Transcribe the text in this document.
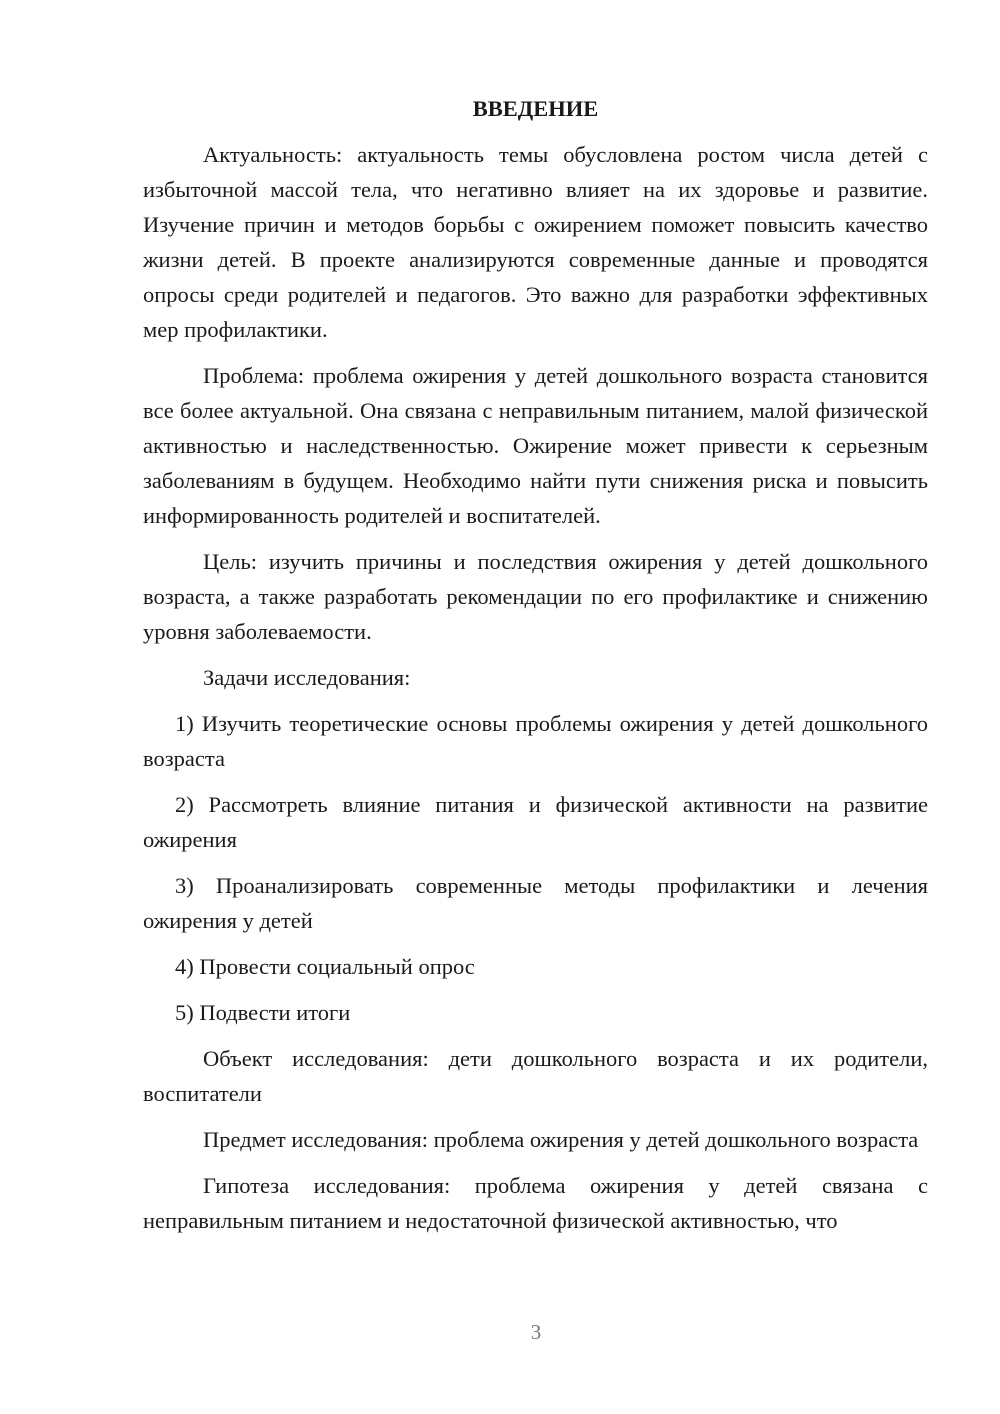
ВВЕДЕНИЕ

Актуальность: актуальность темы обусловлена ростом числа детей с избыточной массой тела, что негативно влияет на их здоровье и развитие. Изучение причин и методов борьбы с ожирением поможет повысить качество жизни детей. В проекте анализируются современные данные и проводятся опросы среди родителей и педагогов. Это важно для разработки эффективных мер профилактики.

Проблема: проблема ожирения у детей дошкольного возраста становится все более актуальной. Она связана с неправильным питанием, малой физической активностью и наследственностью. Ожирение может привести к серьезным заболеваниям в будущем. Необходимо найти пути снижения риска и повысить информированность родителей и воспитателей.

Цель: изучить причины и последствия ожирения у детей дошкольного возраста, а также разработать рекомендации по его профилактике и снижению уровня заболеваемости.

Задачи исследования:

1) Изучить теоретические основы проблемы ожирения у детей дошкольного возраста

2) Рассмотреть влияние питания и физической активности на развитие ожирения

3) Проанализировать современные методы профилактики и лечения ожирения у детей

4) Провести социальный опрос

5) Подвести итоги

Объект исследования: дети дошкольного возраста и их родители, воспитатели

Предмет исследования: проблема ожирения у детей дошкольного возраста

Гипотеза исследования: проблема ожирения у детей связана с неправильным питанием и недостаточной физической активностью, что

3
